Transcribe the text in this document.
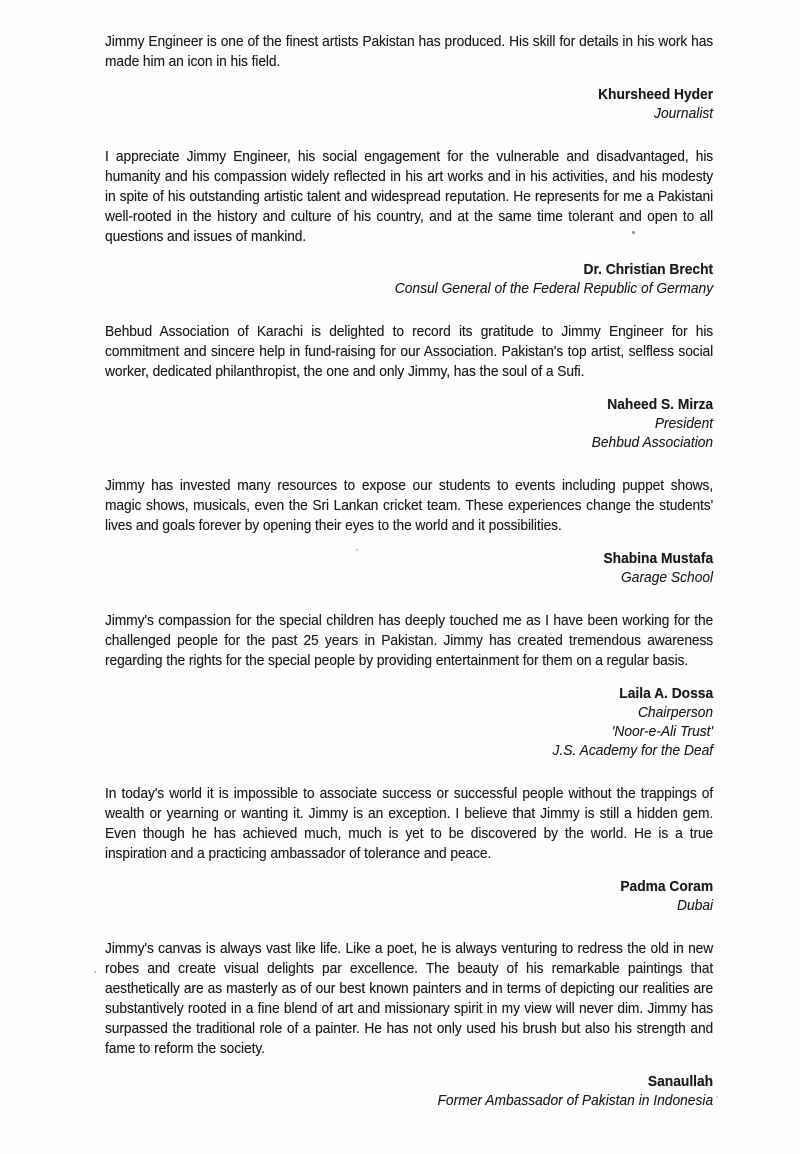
Jimmy Engineer is one of the finest artists Pakistan has produced. His skill for details in his work has made him an icon in his field.

Khursheed Hyder
Journalist

I appreciate Jimmy Engineer, his social engagement for the vulnerable and disadvantaged, his humanity and his compassion widely reflected in his art works and in his activities, and his modesty in spite of his outstanding artistic talent and widespread reputation. He represents for me a Pakistani well-rooted in the history and culture of his country, and at the same time tolerant and open to all questions and issues of mankind.

Dr. Christian Brecht
Consul General of the Federal Republic of Germany

Behbud Association of Karachi is delighted to record its gratitude to Jimmy Engineer for his commitment and sincere help in fund-raising for our Association. Pakistan's top artist, selfless social worker, dedicated philanthropist, the one and only Jimmy, has the soul of a Sufi.

Naheed S. Mirza
President
Behbud Association

Jimmy has invested many resources to expose our students to events including puppet shows, magic shows, musicals, even the Sri Lankan cricket team. These experiences change the students' lives and goals forever by opening their eyes to the world and it possibilities.

Shabina Mustafa
Garage School

Jimmy's compassion for the special children has deeply touched me as I have been working for the challenged people for the past 25 years in Pakistan. Jimmy has created tremendous awareness regarding the rights for the special people by providing entertainment for them on a regular basis.

Laila A. Dossa
Chairperson
'Noor-e-Ali Trust'
J.S. Academy for the Deaf

In today's world it is impossible to associate success or successful people without the trappings of wealth or yearning or wanting it. Jimmy is an exception. I believe that Jimmy is still a hidden gem. Even though he has achieved much, much is yet to be discovered by the world. He is a true inspiration and a practicing ambassador of tolerance and peace.

Padma Coram
Dubai

Jimmy's canvas is always vast like life. Like a poet, he is always venturing to redress the old in new robes and create visual delights par excellence. The beauty of his remarkable paintings that aesthetically are as masterly as of our best known painters and in terms of depicting our realities are substantively rooted in a fine blend of art and missionary spirit in my view will never dim. Jimmy has surpassed the traditional role of a painter. He has not only used his brush but also his strength and fame to reform the society.

Sanaullah
Former Ambassador of Pakistan in Indonesia
